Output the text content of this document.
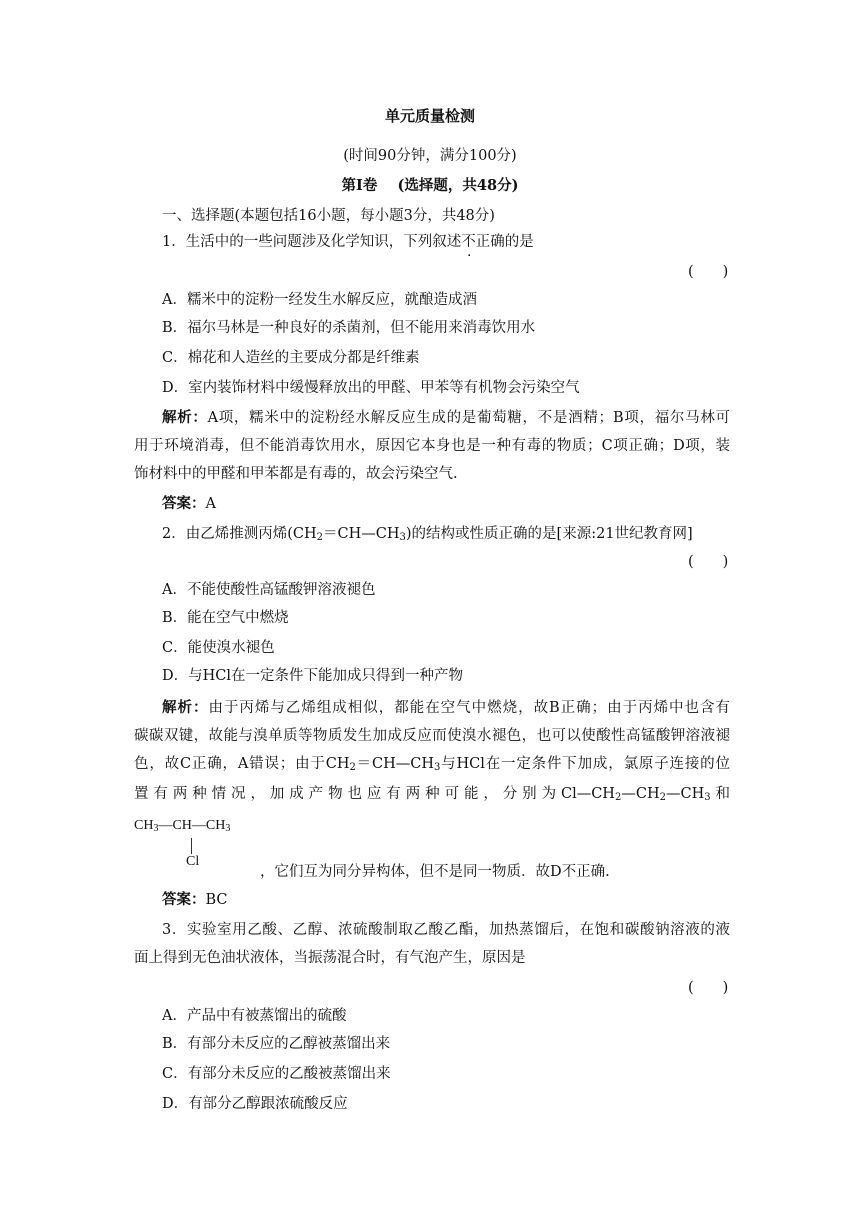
单元质量检测
(时间90分钟，满分100分)
第Ⅰ卷 (选择题，共48分)
一、选择题(本题包括16小题，每小题3分，共48分)
1．生活中的一些问题涉及化学知识，下列叙述不正确的是
(　　)
A．糯米中的淀粉一经发生水解反应，就酿造成酒
B．福尔马林是一种良好的杀菌剂，但不能用来消毒饮用水
C．棉花和人造丝的主要成分都是纤维素
D．室内装饰材料中缓慢释放出的甲醛、甲苯等有机物会污染空气
解析：A项，糯米中的淀粉经水解反应生成的是葡萄糖，不是酒精；B项，福尔马林可
用于环境消毒，但不能消毒饮用水，原因它本身也是一种有毒的物质；C项正确；D项，装
饰材料中的甲醛和甲苯都是有毒的，故会污染空气.
答案：A
2．由乙烯推测丙烯$(CH_2=CH—CH_3)$的结构或性质正确的是[来源:21世纪教育网]
(　　)
A．不能使酸性高锰酸钾溶液褪色
B．能在空气中燃烧
C．能使溴水褪色
D．与HCl在一定条件下能加成只得到一种产物
解析：由于丙烯与乙烯组成相似，都能在空气中燃烧，故B正确；由于丙烯中也含有
碳碳双键，故能与溴单质等物质发生加成反应而使溴水褪色，也可以使酸性高锰酸钾溶液褪
色，故C正确，A错误；由于$CH_2=CH—CH_3$与HCl在一定条件下加成，氯原子连接的位
置有两种情况，加成产物也应有两种可能，分别为$Cl—CH_2—CH_2—CH_3$和
$CH_3—CH—CH_3$
Cl
，它们互为同分异构体，但不是同一物质．故D不正确.
答案：BC
3．实验室用乙酸、乙醇、浓硫酸制取乙酸乙酯，加热蒸馏后，在饱和碳酸钠溶液的液
面上得到无色油状液体，当振荡混合时，有气泡产生，原因是
(　　)
A．产品中有被蒸馏出的硫酸
B．有部分未反应的乙醇被蒸馏出来
C．有部分未反应的乙酸被蒸馏出来
D．有部分乙醇跟浓硫酸反应
